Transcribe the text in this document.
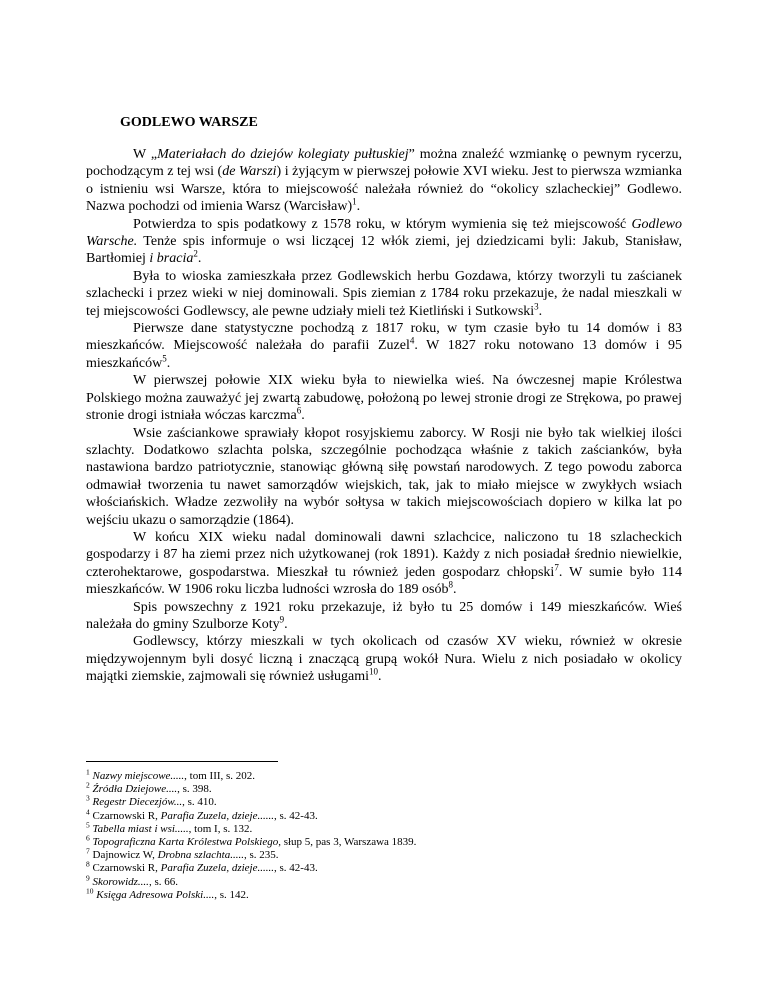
GODLEWO WARSZE

W „Materiałach do dziejów kolegiaty pułtuskiej” można znaleźć wzmiankę o pewnym rycerzu, pochodzącym z tej wsi (de Warszi) i żyjącym w pierwszej połowie XVI wieku. Jest to pierwsza wzmianka o istnieniu wsi Warsze, która to miejscowość należała również do “okolicy szlacheckiej” Godlewo. Nazwa pochodzi od imienia Warsz (Warcisław)$^1$.

Potwierdza to spis podatkowy z 1578 roku, w którym wymienia się też miejscowość Godlewo Warsche. Tenże spis informuje o wsi liczącej 12 włók ziemi, jej dziedzicami byli: Jakub, Stanisław, Bartłomiej i bracia$^2$.

Była to wioska zamieszkała przez Godlewskich herbu Gozdawa, którzy tworzyli tu zaścianek szlachecki i przez wieki w niej dominowali. Spis ziemian z 1784 roku przekazuje, że nadal mieszkali w tej miejscowości Godlewscy, ale pewne udziały mieli też Kietliński i Sutkowski$^3$.

Pierwsze dane statystyczne pochodzą z 1817 roku, w tym czasie było tu 14 domów i 83 mieszkańców. Miejscowość należała do parafii Zuzel$^4$. W 1827 roku notowano 13 domów i 95 mieszkańców$^5$.

W pierwszej połowie XIX wieku była to niewielka wieś. Na ówczesnej mapie Królestwa Polskiego można zauważyć jej zwartą zabudowę, położoną po lewej stronie drogi ze Strękowa, po prawej stronie drogi istniała wóczas karczma$^6$.

Wsie zaściankowe sprawiały kłopot rosyjskiemu zaborcy. W Rosji nie było tak wielkiej ilości szlachty. Dodatkowo szlachta polska, szczególnie pochodząca właśnie z takich zaścianków, była nastawiona bardzo patriotycznie, stanowiąc główną siłę powstań narodowych. Z tego powodu zaborca odmawiał tworzenia tu nawet samorządów wiejskich, tak, jak to miało miejsce w zwykłych wsiach włościańskich. Władze zezwoliły na wybór sołtysa w takich miejscowościach dopiero w kilka lat po wejściu ukazu o samorządzie (1864).

W końcu XIX wieku nadal dominowali dawni szlachcice, naliczono tu 18 szlacheckich gospodarzy i 87 ha ziemi przez nich użytkowanej (rok 1891). Każdy z nich posiadał średnio niewielkie, czterohektarowe, gospodarstwa. Mieszkał tu również jeden gospodarz chłopski$^7$. W sumie było 114 mieszkańców. W 1906 roku liczba ludności wzrosła do 189 osób$^8$.

Spis powszechny z 1921 roku przekazuje, iż było tu 25 domów i 149 mieszkańców. Wieś należała do gminy Szulborze Koty$^9$.

Godlewscy, którzy mieszkali w tych okolicach od czasów XV wieku, również w okresie międzywojennym byli dosyć liczną i znaczącą grupą wokół Nura. Wielu z nich posiadało w okolicy majątki ziemskie, zajmowali się również usługami$^{10}$.

$^1$ Nazwy miejscowe....., tom III, s. 202.
$^2$ Źródła Dziejowe...., s. 398.
$^3$ Regestr Diecezjów..., s. 410.
$^4$ Czarnowski R, Parafia Zuzela, dzieje......, s. 42-43.
$^5$ Tabella miast i wsi....., tom I, s. 132.
$^6$ Topograficzna Karta Królestwa Polskiego, słup 5, pas 3, Warszawa 1839.
$^7$ Dajnowicz W, Drobna szlachta....., s. 235.
$^8$ Czarnowski R, Parafia Zuzela, dzieje......, s. 42-43.
$^9$ Skorowidz...., s. 66.
$^{10}$ Księga Adresowa Polski...., s. 142.
